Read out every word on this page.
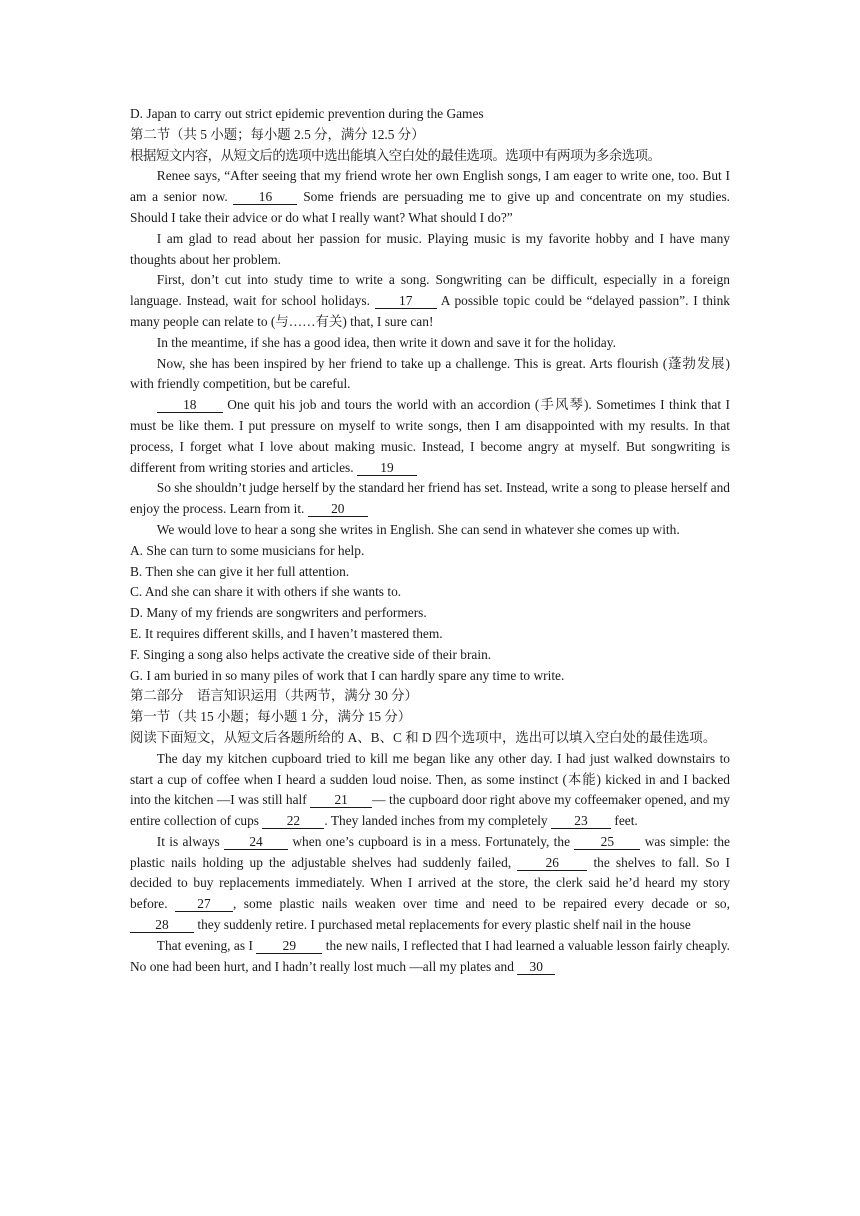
D. Japan to carry out strict epidemic prevention during the Games

第二节（共 5 小题；每小题 2.5 分，满分 12.5 分）

根据短文内容，从短文后的选项中选出能填入空白处的最佳选项。选项中有两项为多余选项。

Renee says, “After seeing that my friend wrote her own English songs, I am eager to write one, too. But I am a senior now. 16 Some friends are persuading me to give up and concentrate on my studies. Should I take their advice or do what I really want? What should I do?”

I am glad to read about her passion for music. Playing music is my favorite hobby and I have many thoughts about her problem.

First, don’t cut into study time to write a song. Songwriting can be difficult, especially in a foreign language. Instead, wait for school holidays. 17 A possible topic could be “delayed passion”. I think many people can relate to (与……有关) that, I sure can!

In the meantime, if she has a good idea, then write it down and save it for the holiday.

Now, she has been inspired by her friend to take up a challenge. This is great. Arts flourish (蓬勃发展) with friendly competition, but be careful.

18 One quit his job and tours the world with an accordion (手风琴). Sometimes I think that I must be like them. I put pressure on myself to write songs, then I am disappointed with my results. In that process, I forget what I love about making music. Instead, I become angry at myself. But songwriting is different from writing stories and articles. 19

So she shouldn’t judge herself by the standard her friend has set. Instead, write a song to please herself and enjoy the process. Learn from it. 20

We would love to hear a song she writes in English. She can send in whatever she comes up with.

A. She can turn to some musicians for help.

B. Then she can give it her full attention.

C. And she can share it with others if she wants to.

D. Many of my friends are songwriters and performers.

E. It requires different skills, and I haven’t mastered them.

F. Singing a song also helps activate the creative side of their brain.

G. I am buried in so many piles of work that I can hardly spare any time to write.

第二部分　语言知识运用（共两节，满分 30 分）

第一节（共 15 小题；每小题 1 分，满分 15 分）

阅读下面短文，从短文后各题所给的 A、B、C 和 D 四个选项中，选出可以填入空白处的最佳选项。

The day my kitchen cupboard tried to kill me began like any other day. I had just walked downstairs to start a cup of coffee when I heard a sudden loud noise. Then, as some instinct (本能) kicked in and I backed into the kitchen —I was still half 21 — the cupboard door right above my coffeemaker opened, and my entire collection of cups 22 . They landed inches from my completely 23 feet.

It is always 24 when one’s cupboard is in a mess. Fortunately, the 25 was simple: the plastic nails holding up the adjustable shelves had suddenly failed,	26	the shelves to fall. So I decided to buy replacements immediately. When I arrived at the store, the clerk said he’d heard my story before. 27 , some plastic nails weaken over time and need to be repaired every decade or so, 28 they suddenly retire. I purchased metal replacements for every plastic shelf nail in the house

That evening, as I 29 the new nails, I reflected that I had learned a valuable lesson fairly cheaply. No one had been hurt, and I hadn’t really lost much —all my plates and 30
